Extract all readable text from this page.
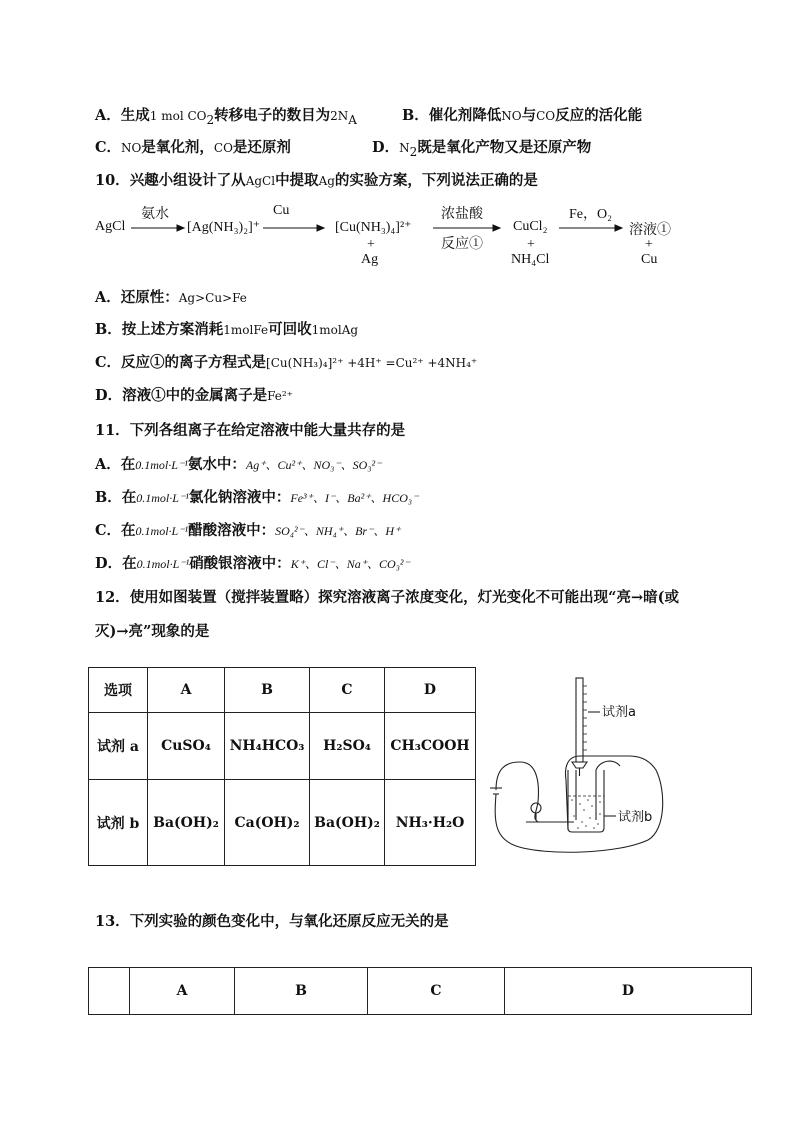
A．生成1 mol $CO_2$转移电子的数目为$2N_A$	B．催化剂降低NO与CO反应的活化能
C．NO是氧化剂，CO是还原剂	D．$N_2$既是氧化产物又是还原产物
10．兴趣小组设计了从AgCl中提取Ag的实验方案，下列说法正确的是
AgCl
氨水
[Ag(NH₃)₂]⁺
Cu
[Cu(NH₃)₄]²⁺
+
Ag
浓盐酸
反应①
CuCl₂
+
NH₄Cl
Fe，O₂
溶液①
+
Cu
A．还原性：Ag>Cu>Fe
B．按上述方案消耗1molFe可回收1molAg
C．反应①的离子方程式是[Cu(NH₃)₄]²⁺ +4H⁺ =Cu²⁺ +4NH₄⁺
D．溶液①中的金属离子是Fe²⁺
11．下列各组离子在给定溶液中能大量共存的是
A．在0.1mol·L⁻¹氨水中：Ag⁺、Cu²⁺、NO₃⁻、SO₃²⁻
B．在0.1mol·L⁻¹氯化钠溶液中：Fe³⁺、I⁻、Ba²⁺、HCO₃⁻
C．在0.1mol·L⁻¹醋酸溶液中：SO₄²⁻、NH₄⁺、Br⁻、H⁺
D．在0.1mol·L⁻¹硝酸银溶液中：K⁺、Cl⁻、Na⁺、CO₃²⁻
12．使用如图装置（搅拌装置略）探究溶液离子浓度变化，灯光变化不可能出现“亮→暗(或
灭)→亮”现象的是
选项	A	B	C	D
试剂 a	CuSO₄	NH₄HCO₃	H₂SO₄	CH₃COOH
试剂 b	Ba(OH)₂	Ca(OH)₂	Ba(OH)₂	NH₃·H₂O
试剂a
试剂b
13．下列实验的颜色变化中，与氧化还原反应无关的是
	A	B	C	D
